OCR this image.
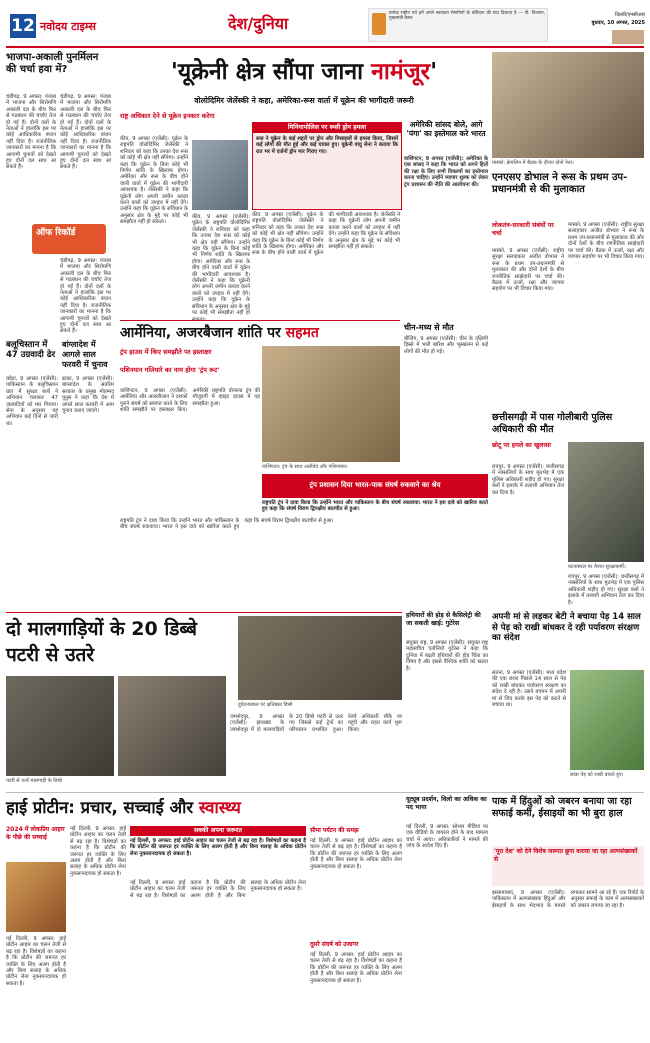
12 नवोदय टाइम्स	देश/दुनिया
प्रत्येक राष्ट्रीय पर्व हमें अपने स्वतंत्रता सेनानियों के बलिदान की याद दिलाता है — पी. विजयन, मुख्यमंत्री केरल
दिल्ली/एनसीआर
बुधवार, 10 अगस्त, 2025
भाजपा-अकाली पुनर्मिलन की चर्चा हवा में?
चंडीगढ़, 9 अगस्त: पंजाब में भाजपा और शिरोमणि अकाली दल के बीच फिर से गठबंधन की चर्चाएं तेज हो गई हैं। दोनों दलों के नेताओं ने हालांकि इस पर कोई आधिकारिक बयान नहीं दिया है। राजनीतिक जानकारों का मानना है कि आगामी चुनावों को देखते हुए दोनों दल साथ आ सकते हैं।
चंडीगढ़, 9 अगस्त: पंजाब में भाजपा और शिरोमणि अकाली दल के बीच फिर से गठबंधन की चर्चाएं तेज हो गई हैं। दोनों दलों के नेताओं ने हालांकि इस पर कोई आधिकारिक बयान नहीं दिया है। राजनीतिक जानकारों का मानना है कि आगामी चुनावों को देखते हुए दोनों दल साथ आ सकते हैं।
ऑफ रिकॉर्ड
चंडीगढ़, 9 अगस्त: पंजाब में भाजपा और शिरोमणि अकाली दल के बीच फिर से गठबंधन की चर्चाएं तेज हो गई हैं। दोनों दलों के नेताओं ने हालांकि इस पर कोई आधिकारिक बयान नहीं दिया है। राजनीतिक जानकारों का मानना है कि आगामी चुनावों को देखते हुए दोनों दल साथ आ सकते हैं।
बलूचिस्तान में 47 उग्रवादी ढेर
क्वेटा, 9 अगस्त (एजेंसी): पाकिस्तान के बलूचिस्तान प्रांत में सुरक्षा बलों ने अभियान चलाकर 47 उग्रवादियों को मार गिराया। सेना के अनुसार यह अभियान कई दिनों से जारी था।
बांग्लादेश में आगले साल फरवरी में चुनाव
ढाका, 9 अगस्त (एजेंसी): बांग्लादेश के अंतरिम सरकार के प्रमुख मोहम्मद यूनुस ने कहा कि देश में अगले साल फरवरी में आम चुनाव कराए जाएंगे।
'यूक्रेनी क्षेत्र सौंपा जाना नामंजूर'
वोलोदिमिर जेलेंस्की ने कहा, अमेरिका-रूस वार्ता में यूक्रेन की भागीदारी जरूरी
राष्ट्र अधिकार देने से यूक्रेन इनकार करेगा
कीव, 9 अगस्त (एजेंसी): यूक्रेन के राष्ट्रपति वोलोदिमिर जेलेंस्की ने शनिवार को कहा कि उनका देश रूस को कोई भी क्षेत्र नहीं सौंपेगा। उन्होंने कहा कि यूक्रेन के बिना कोई भी निर्णय शांति के खिलाफ होगा। अमेरिका और रूस के बीच होने वाली वार्ता में यूक्रेन की भागीदारी आवश्यक है। जेलेंस्की ने कहा कि यूक्रेनी लोग अपनी जमीन कब्जा करने वालों को उपहार में नहीं देंगे। उन्होंने कहा कि यूक्रेन के संविधान के अनुसार क्षेत्र के मुद्दे पर कोई भी समझौता नहीं हो सकता।
कीव, 9 अगस्त (एजेंसी): यूक्रेन के राष्ट्रपति वोलोदिमिर जेलेंस्की ने शनिवार को कहा कि उनका देश रूस को कोई भी क्षेत्र नहीं सौंपेगा। उन्होंने कहा कि यूक्रेन के बिना कोई भी निर्णय शांति के खिलाफ होगा। अमेरिका और रूस के बीच होने वाली वार्ता में यूक्रेन की भागीदारी आवश्यक है। जेलेंस्की ने कहा कि यूक्रेनी लोग अपनी जमीन कब्जा करने वालों को उपहार में नहीं देंगे। उन्होंने कहा कि यूक्रेन के संविधान के अनुसार क्षेत्र के मुद्दे पर कोई भी समझौता नहीं हो
मिनियापोलिस पर रूसी ड्रोन हमला
रूस ने यूक्रेन के कई शहरों पर ड्रोन और मिसाइलों से हमला किया, जिसमें कई लोगों की मौत हुई और कई घायल हुए। यूक्रेनी वायु सेना ने बताया कि रात भर में दर्जनों ड्रोन मार गिराए गए।
कीव, 9 अगस्त (एजेंसी): यूक्रेन के राष्ट्रपति वोलोदिमिर जेलेंस्की ने शनिवार को कहा कि उनका देश रूस को कोई भी क्षेत्र नहीं सौंपेगा। उन्होंने कहा कि यूक्रेन के बिना कोई भी निर्णय शांति के खिलाफ होगा। अमेरिका और रूस के बीच होने वाली वार्ता में यूक्रेन की भागीदारी आवश्यक है। जेलेंस्की ने कहा कि यूक्रेनी लोग अपनी जमीन कब्जा करने वालों को उपहार में नहीं देंगे। उन्होंने कहा कि यूक्रेन के संविधान के अनुसार क्षेत्र के मुद्दे पर कोई भी समझौता नहीं हो सकता।
अमेरिकी सांसद बोले, आगे 'पंगा' का इस्तेमाल करे भारत
वाशिंगटन, 9 अगस्त (एजेंसी): अमेरिका के एक सांसद ने कहा कि भारत को अपने हितों की रक्षा के लिए सभी विकल्पों का इस्तेमाल करना चाहिए। उन्होंने व्यापार शुल्क को लेकर ट्रंप प्रशासन की नीति की आलोचना की।
चीन-मध्य से मौत
बीजिंग, 9 अगस्त (एजेंसी): चीन के दक्षिणी हिस्से में भारी बारिश और भूस्खलन से कई लोगों की मौत हो गई।
मास्को: क्रेमलिन में बैठक के दौरान दोनों नेता।
एनएसए डोभाल ने रूस के प्रथम उप-प्रधानमंत्री से की मुलाकात
लोकतंत्र-सरकारी संबंधों पर चर्चा
मास्को, 9 अगस्त (एजेंसी): राष्ट्रीय सुरक्षा सलाहकार अजीत डोभाल ने रूस के प्रथम उप-प्रधानमंत्री से मुलाकात की और दोनों देशों के बीच रणनीतिक साझेदारी पर चर्चा की। बैठक में ऊर्जा, रक्षा और व्यापार सहयोग पर भी विचार किया गया।
मास्को, 9 अगस्त (एजेंसी): राष्ट्रीय सुरक्षा सलाहकार अजीत डोभाल ने रूस के प्रथम उप-प्रधानमंत्री से मुलाकात की और दोनों देशों के बीच रणनीतिक साझेदारी पर चर्चा की। बैठक में ऊर्जा, रक्षा और व्यापार सहयोग पर भी विचार किया गया।
आर्मेनिया, अजरबैजान शांति पर सहमत
ट्रंप हाउस में किए समझौते पर हस्ताक्षर
पशिनयान गलियारे का नाम होगा 'ट्रंप रूट'
वाशिंगटन, 9 अगस्त (एजेंसी): आर्मेनिया और अजरबैजान ने दशकों पुराने संघर्ष को समाप्त करने के लिए शांति समझौते पर हस्ताक्षर किए। अमेरिकी राष्ट्रपति डोनाल्ड ट्रंप की मौजूदगी में व्हाइट हाउस में यह समझौता हुआ।
वाशिंगटन: ट्रंप के साथ अलीयेव और पशिनयान।
ट्रंप प्रशासन दिया भारत-पाक संघर्ष रुकवाने का श्रेय
राष्ट्रपति ट्रंप ने दावा किया कि उन्होंने भारत और पाकिस्तान के बीच संघर्ष रुकवाया। भारत ने इस दावे को खारिज करते हुए कहा कि संघर्ष विराम द्विपक्षीय बातचीत से हुआ।
राष्ट्रपति ट्रंप ने दावा किया कि उन्होंने भारत और पाकिस्तान के बीच संघर्ष रुकवाया। भारत ने इस दावे को खारिज करते हुए कहा कि संघर्ष विराम द्विपक्षीय बातचीत से हुआ।
छत्तीसगढ़ी में पास गोलीबारी पुलिस अधिकारी की मौत
छोटू पर हमले का खुलासा
रायपुर, 9 अगस्त (एजेंसी): छत्तीसगढ़ में नक्सलियों के साथ मुठभेड़ में एक पुलिस अधिकारी शहीद हो गए। सुरक्षा बलों ने इलाके में तलाशी अभियान तेज कर दिया है।
घटनास्थल पर तैनात सुरक्षाकर्मी।
रायपुर, 9 अगस्त (एजेंसी): छत्तीसगढ़ में नक्सलियों के साथ मुठभेड़ में एक पुलिस अधिकारी शहीद हो गए। सुरक्षा बलों ने इलाके में तलाशी अभियान तेज कर दिया है।
दो मालगाड़ियों के 20 डिब्बे पटरी से उतरे
पटरी से उतरे मालगाड़ी के डिब्बे
दुर्घटनास्थल पर क्षतिग्रस्त डिब्बे
जमशेदपुर, 9 अगस्त (एजेंसी): झारखंड के जमशेदपुर में दो मालगाड़ियों के 20 डिब्बे पटरी से उतर गए जिससे कई ट्रेनों का परिचालन प्रभावित हुआ। रेलवे अधिकारी मौके पर पहुंचे और राहत कार्य शुरू किया।
हथियारों की होड़ से कैसिलेट्री की जा सकती खाई: गुटेरेस
संयुक्त राष्ट्र, 9 अगस्त (एजेंसी): संयुक्त राष्ट्र महासचिव एंतोनियो गुटेरेस ने कहा कि दुनिया में बढ़ती हथियारों की होड़ चिंता का विषय है और इससे वैश्विक शांति को खतरा है।
अपनी मां से लड़कर बेटी ने बचाया पेड़ 14 साल से पेड़ को राखी बांधकर दे रही पर्यावरण संरक्षण का संदेश
सतना, 9 अगस्त (एजेंसी): मध्य प्रदेश की एक छात्रा पिछले 14 साल से पेड़ को राखी बांधकर पर्यावरण संरक्षण का संदेश दे रही है। उसने बचपन में अपनी मां से जिद करके इस पेड़ को कटने से बचाया था।
छात्रा पेड़ को राखी बांधते हुए।
हाई प्रोटीन: प्रचार, सच्चाई और स्वास्थ्य
2024 में लोकप्रिय आहार के पीछे की सच्चाई
नई दिल्ली, 9 अगस्त: हाई प्रोटीन आहार का चलन तेजी से बढ़ रहा है। विशेषज्ञों का कहना है कि प्रोटीन की जरूरत हर व्यक्ति के लिए अलग होती है और बिना सलाह के अधिक प्रोटीन लेना नुकसानदायक हो सकता है।
नई दिल्ली, 9 अगस्त: हाई प्रोटीन आहार का चलन तेजी से बढ़ रहा है। विशेषज्ञों का कहना है कि प्रोटीन की जरूरत हर व्यक्ति के लिए अलग होती है और बिना सलाह के अधिक प्रोटीन लेना नुकसानदायक हो सकता है।
सबकी अपना जरूरत
नई दिल्ली, 9 अगस्त: हाई प्रोटीन आहार का चलन तेजी से बढ़ रहा है। विशेषज्ञों का कहना है कि प्रोटीन की जरूरत हर व्यक्ति के लिए अलग होती है और बिना सलाह के अधिक प्रोटीन लेना नुकसानदायक हो सकता है।
नई दिल्ली, 9 अगस्त: हाई प्रोटीन आहार का चलन तेजी से बढ़ रहा है। विशेषज्ञों का कहना है कि प्रोटीन की जरूरत हर व्यक्ति के लिए अलग होती है और बिना सलाह के अधिक प्रोटीन लेना नुकसानदायक हो सकता है।
सीमा पर्यटन की समझ
नई दिल्ली, 9 अगस्त: हाई प्रोटीन आहार का चलन तेजी से बढ़ रहा है। विशेषज्ञों का कहना है कि प्रोटीन की जरूरत हर व्यक्ति के लिए अलग होती है और बिना सलाह के अधिक प्रोटीन लेना नुकसानदायक हो सकता है।
दूसरे संघर्ष को उजागर
नई दिल्ली, 9 अगस्त: हाई प्रोटीन आहार का चलन तेजी से बढ़ रहा है। विशेषज्ञों का कहना है कि प्रोटीन की जरूरत हर व्यक्ति के लिए अलग होती है और बिना सलाह के अधिक प्रोटीन लेना नुकसानदायक हो सकता है।
यूट्यूब प्रदर्शन, विलो का अधिक का पद भाया
नई दिल्ली, 9 अगस्त: सोशल मीडिया पर एक वीडियो के वायरल होने के बाद मामला चर्चा में आया। अधिकारियों ने मामले की जांच के आदेश दिए हैं।
पाक में हिंदुओं को जबरन बनाया जा रहा सफाई कर्मी, ईसाइयों का भी बुरा हाल
'पूरा देश' को देने विशेष जरूरत छूपा कराया जा रहा अल्पसंख्यकों से
इस्लामाबाद, 9 अगस्त (एजेंसी): पाकिस्तान में अल्पसंख्यक हिंदुओं और ईसाइयों के साथ भेदभाव के मामले लगातार सामने आ रहे हैं। एक रिपोर्ट के अनुसार सफाई के काम में अल्पसंख्यकों को जबरन लगाया जा रहा है।
